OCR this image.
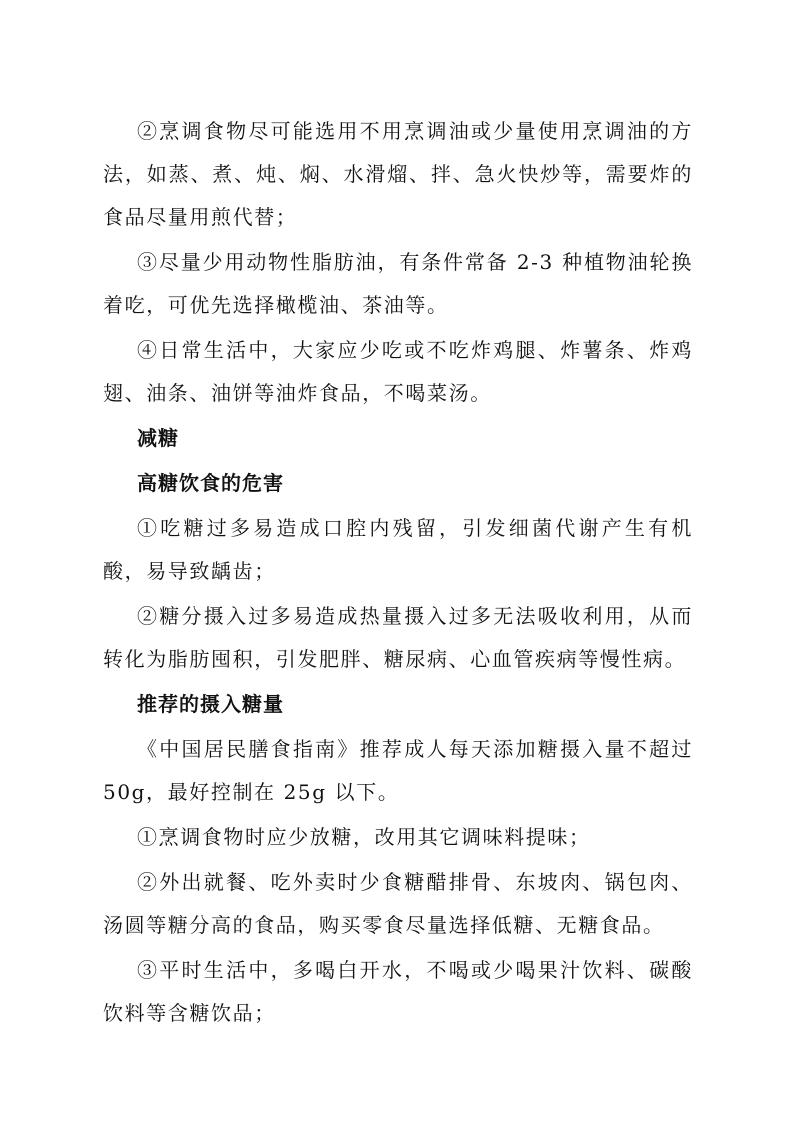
②烹调食物尽可能选用不用烹调油或少量使用烹调油的方法，如蒸、煮、炖、焖、水滑熘、拌、急火快炒等，需要炸的食品尽量用煎代替；

③尽量少用动物性脂肪油，有条件常备 2-3 种植物油轮换着吃，可优先选择橄榄油、茶油等。

④日常生活中，大家应少吃或不吃炸鸡腿、炸薯条、炸鸡翅、油条、油饼等油炸食品，不喝菜汤。

减糖

高糖饮食的危害

①吃糖过多易造成口腔内残留，引发细菌代谢产生有机酸，易导致龋齿；

②糖分摄入过多易造成热量摄入过多无法吸收利用，从而转化为脂肪囤积，引发肥胖、糖尿病、心血管疾病等慢性病。

推荐的摄入糖量

《中国居民膳食指南》推荐成人每天添加糖摄入量不超过 50g，最好控制在 25g 以下。

①烹调食物时应少放糖，改用其它调味料提味；

②外出就餐、吃外卖时少食糖醋排骨、东坡肉、锅包肉、汤圆等糖分高的食品，购买零食尽量选择低糖、无糖食品。

③平时生活中，多喝白开水，不喝或少喝果汁饮料、碳酸饮料等含糖饮品；
